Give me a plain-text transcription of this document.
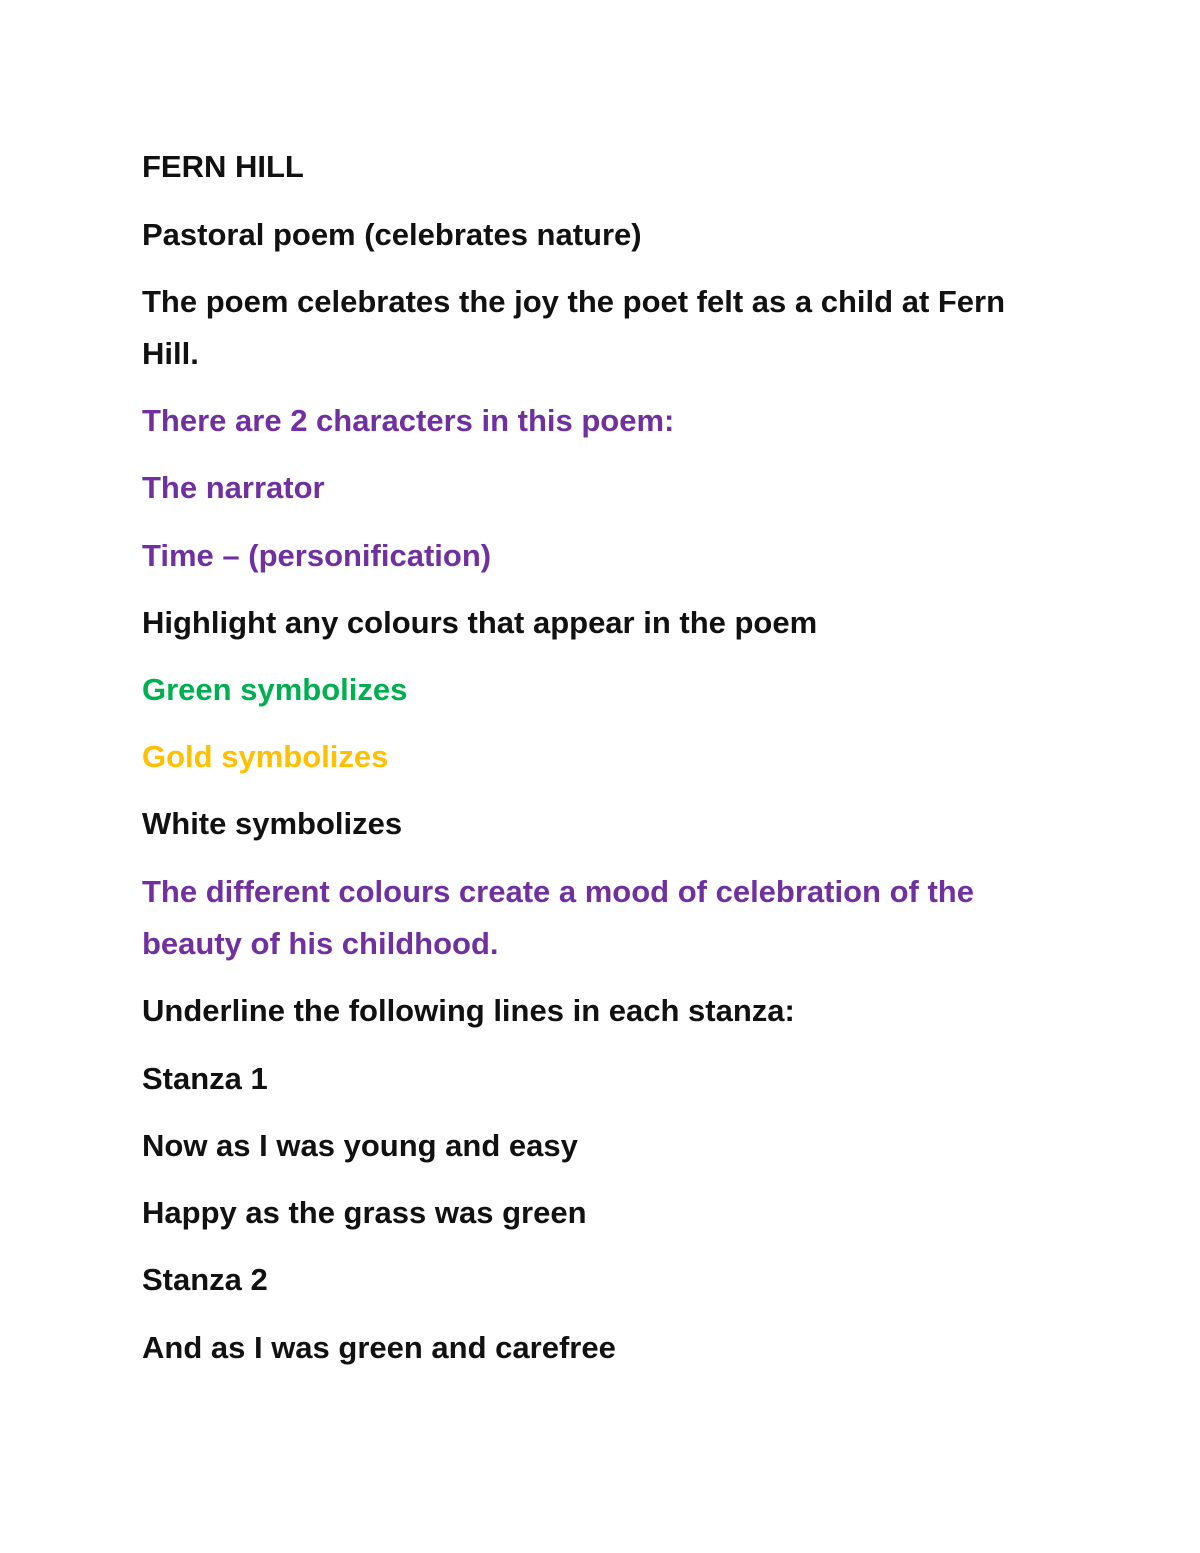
FERN HILL

Pastoral poem (celebrates nature)

The poem celebrates the joy the poet felt as a child at Fern Hill.

There are 2 characters in this poem:

The narrator

Time – (personification)

Highlight any colours that appear in the poem

Green symbolizes

Gold symbolizes

White symbolizes

The different colours create a mood of celebration of the beauty of his childhood.

Underline the following lines in each stanza:

Stanza 1

Now as I was young and easy

Happy as the grass was green

Stanza 2

And as I was green and carefree
